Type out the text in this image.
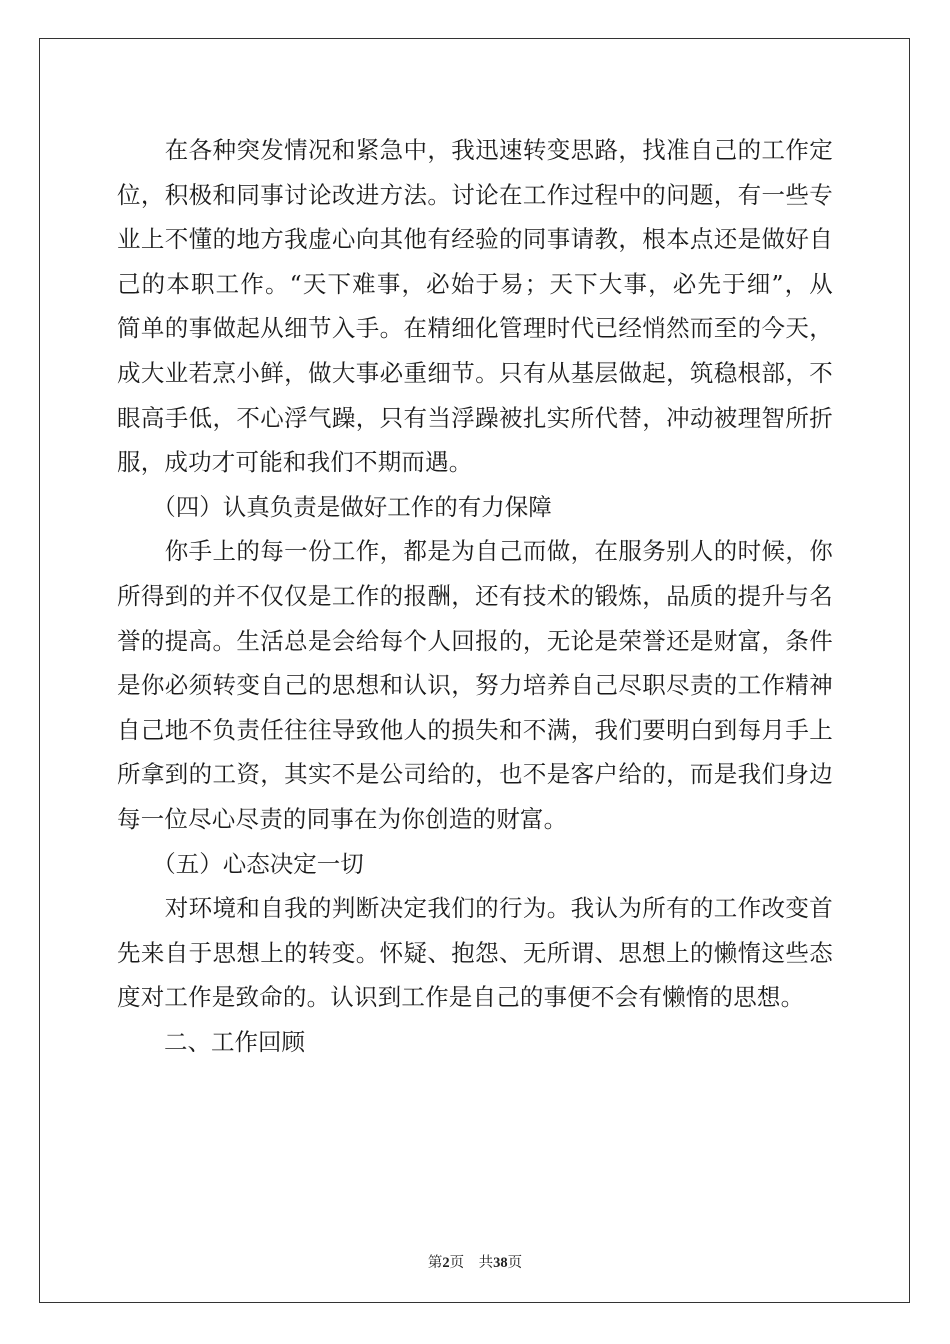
　　在各种突发情况和紧急中，我迅速转变思路，找准自己的工作定
位，积极和同事讨论改进方法。讨论在工作过程中的问题，有一些专
业上不懂的地方我虚心向其他有经验的同事请教，根本点还是做好自
己的本职工作。“天下难事，必始于易；天下大事，必先于细”，从
简单的事做起从细节入手。在精细化管理时代已经悄然而至的今天，
成大业若烹小鲜，做大事必重细节。只有从基层做起，筑稳根部，不
眼高手低，不心浮气躁，只有当浮躁被扎实所代替，冲动被理智所折
服，成功才可能和我们不期而遇。
　　（四）认真负责是做好工作的有力保障
　　你手上的每一份工作，都是为自己而做，在服务别人的时候，你
所得到的并不仅仅是工作的报酬，还有技术的锻炼，品质的提升与名
誉的提高。生活总是会给每个人回报的，无论是荣誉还是财富，条件
是你必须转变自己的思想和认识，努力培养自己尽职尽责的工作精神
自己地不负责任往往导致他人的损失和不满，我们要明白到每月手上
所拿到的工资，其实不是公司给的，也不是客户给的，而是我们身边
每一位尽心尽责的同事在为你创造的财富。
　　（五）心态决定一切
　　对环境和自我的判断决定我们的行为。我认为所有的工作改变首
先来自于思想上的转变。怀疑、抱怨、无所谓、思想上的懒惰这些态
度对工作是致命的。认识到工作是自己的事便不会有懒惰的思想。
　　二、工作回顾
第2页　共38页
